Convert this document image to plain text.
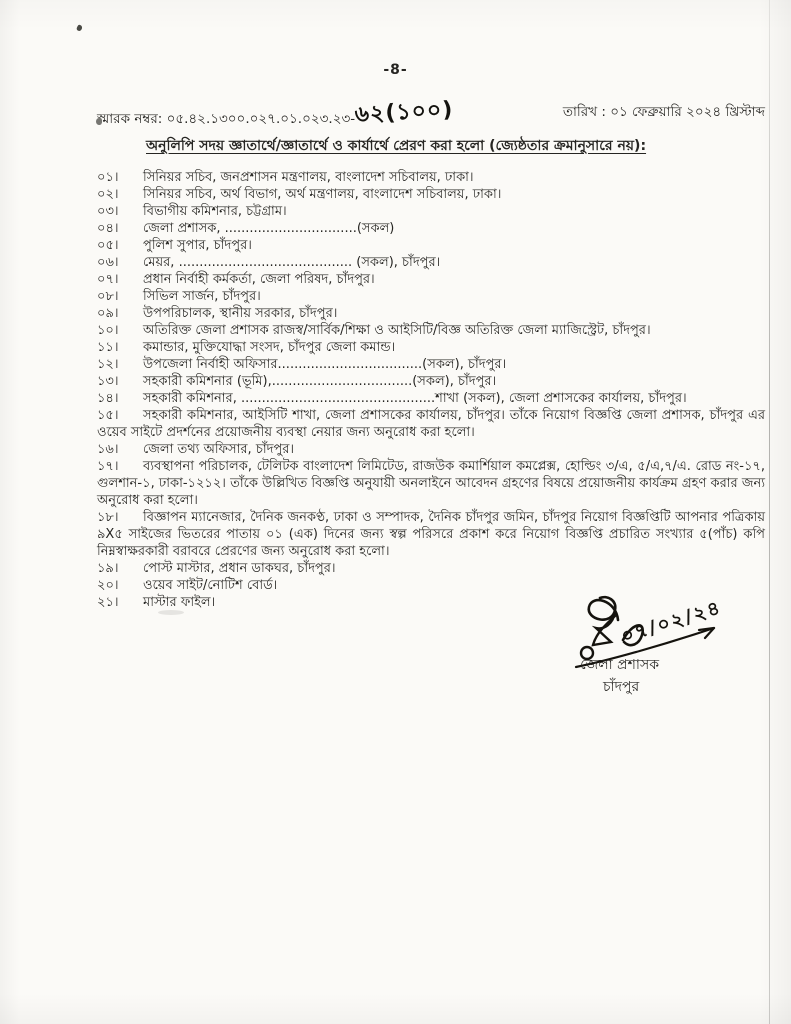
-8-
স্মারক নম্বর: ০৫.৪২.১৩০০.০২৭.০১.০২৩.২৩-৬২(১০০)	তারিখ : ০১ ফেব্রুয়ারি ২০২৪ খ্রিস্টাব্দ
অনুলিপি সদয় জ্ঞাতার্থে/জ্ঞাতার্থে ও কার্যার্থে প্রেরণ করা হলো (জ্যেষ্ঠতার ক্রমানুসারে নয়):
০১। সিনিয়র সচিব, জনপ্রশাসন মন্ত্রণালয়, বাংলাদেশ সচিবালয়, ঢাকা।
০২। সিনিয়র সচিব, অর্থ বিভাগ, অর্থ মন্ত্রণালয়, বাংলাদেশ সচিবালয়, ঢাকা।
০৩। বিভাগীয় কমিশনার, চট্টগ্রাম।
০৪। জেলা প্রশাসক, ................................(সকল)
০৫। পুলিশ সুপার, চাঁদপুর।
০৬। মেয়র, .......................................... (সকল), চাঁদপুর।
০৭। প্রধান নির্বাহী কর্মকর্তা, জেলা পরিষদ, চাঁদপুর।
০৮। সিভিল সার্জন, চাঁদপুর।
০৯। উপপরিচালক, স্থানীয় সরকার, চাঁদপুর।
১০। অতিরিক্ত জেলা প্রশাসক রাজস্ব/সার্বিক/শিক্ষা ও আইসিটি/বিজ্ঞ অতিরিক্ত জেলা ম্যাজিস্ট্রেট, চাঁদপুর।
১১। কমান্ডার, মুক্তিযোদ্ধা সংসদ, চাঁদপুর জেলা কমান্ড।
১২। উপজেলা নির্বাহী অফিসার...................................(সকল), চাঁদপুর।
১৩। সহকারী কমিশনার (ভূমি),..................................(সকল), চাঁদপুর।
১৪। সহকারী কমিশনার, ...............................................শাখা (সকল), জেলা প্রশাসকের কার্যালয়, চাঁদপুর।
১৫। সহকারী কমিশনার, আইসিটি শাখা, জেলা প্রশাসকের কার্যালয়, চাঁদপুর। তাঁকে নিয়োগ বিজ্ঞপ্তি জেলা প্রশাসক, চাঁদপুর এর ওয়েব সাইটে প্রদর্শনের প্রয়োজনীয় ব্যবস্থা নেয়ার জন্য অনুরোধ করা হলো।
১৬। জেলা তথ্য অফিসার, চাঁদপুর।
১৭। ব্যবস্থাপনা পরিচালক, টেলিটক বাংলাদেশ লিমিটেড, রাজউক কমার্শিয়াল কমপ্লেক্স, হোল্ডিং ৩/এ, ৫/এ,৭/এ. রোড নং-১৭, গুলশান-১, ঢাকা-১২১২। তাঁকে উল্লিখিত বিজ্ঞপ্তি অনুযায়ী অনলাইনে আবেদন গ্রহণের বিষয়ে প্রয়োজনীয় কার্যক্রম গ্রহণ করার জন্য অনুরোধ করা হলো।
১৮। বিজ্ঞাপন ম্যানেজার, দৈনিক জনকণ্ঠ, ঢাকা ও সম্পাদক, দৈনিক চাঁদপুর জমিন, চাঁদপুর নিয়োগ বিজ্ঞপ্তিটি আপনার পত্রিকায় ৯X৫ সাইজের ভিতরের পাতায় ০১ (এক) দিনের জন্য স্বল্প পরিসরে প্রকাশ করে নিয়োগ বিজ্ঞপ্তি প্রচারিত সংখ্যার ৫(পাঁচ) কপি নিম্নস্বাক্ষরকারী বরাবরে প্রেরণের জন্য অনুরোধ করা হলো।
১৯। পোস্ট মাস্টার, প্রধান ডাকঘর, চাঁদপুর।
২০। ওয়েব সাইট/নোটিশ বোর্ড।
২১। মাস্টার ফাইল।	০৭/০২/২৪
জেলা প্রশাসক
চাঁদপুর
